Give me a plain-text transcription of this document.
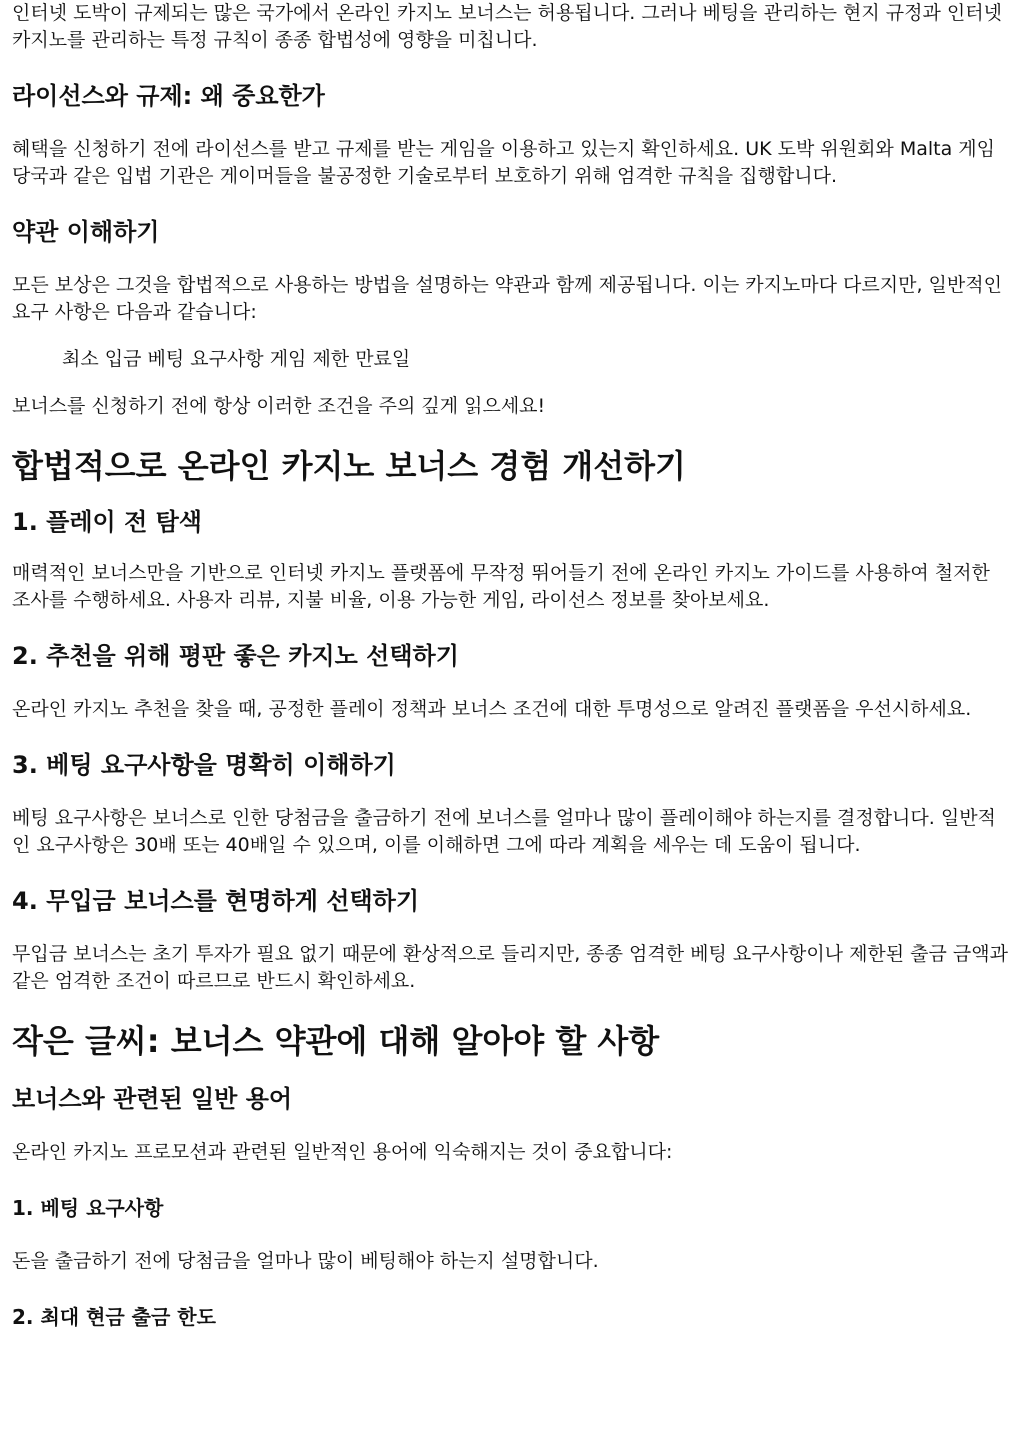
인터넷 도박이 규제되는 많은 국가에서 온라인 카지노 보너스는 허용됩니다. 그러나 베팅을 관리하는 현지 규정과 인터넷 카지노를 관리하는 특정 규칙이 종종 합법성에 영향을 미칩니다.

라이선스와 규제: 왜 중요한가

혜택을 신청하기 전에 라이선스를 받고 규제를 받는 게임을 이용하고 있는지 확인하세요. UK 도박 위원회와 Malta 게임 당국과 같은 입법 기관은 게이머들을 불공정한 기술로부터 보호하기 위해 엄격한 규칙을 집행합니다.

약관 이해하기

모든 보상은 그것을 합법적으로 사용하는 방법을 설명하는 약관과 함께 제공됩니다. 이는 카지노마다 다르지만, 일반적인 요구 사항은 다음과 같습니다:

최소 입금 베팅 요구사항 게임 제한 만료일

보너스를 신청하기 전에 항상 이러한 조건을 주의 깊게 읽으세요!

합법적으로 온라인 카지노 보너스 경험 개선하기
1. 플레이 전 탐색

매력적인 보너스만을 기반으로 인터넷 카지노 플랫폼에 무작정 뛰어들기 전에 온라인 카지노 가이드를 사용하여 철저한 조사를 수행하세요. 사용자 리뷰, 지불 비율, 이용 가능한 게임, 라이선스 정보를 찾아보세요.

2. 추천을 위해 평판 좋은 카지노 선택하기

온라인 카지노 추천을 찾을 때, 공정한 플레이 정책과 보너스 조건에 대한 투명성으로 알려진 플랫폼을 우선시하세요.

3. 베팅 요구사항을 명확히 이해하기

베팅 요구사항은 보너스로 인한 당첨금을 출금하기 전에 보너스를 얼마나 많이 플레이해야 하는지를 결정합니다. 일반적인 요구사항은 30배 또는 40배일 수 있으며, 이를 이해하면 그에 따라 계획을 세우는 데 도움이 됩니다.

4. 무입금 보너스를 현명하게 선택하기

무입금 보너스는 초기 투자가 필요 없기 때문에 환상적으로 들리지만, 종종 엄격한 베팅 요구사항이나 제한된 출금 금액과 같은 엄격한 조건이 따르므로 반드시 확인하세요.

작은 글씨: 보너스 약관에 대해 알아야 할 사항
보너스와 관련된 일반 용어

온라인 카지노 프로모션과 관련된 일반적인 용어에 익숙해지는 것이 중요합니다:

1. 베팅 요구사항

돈을 출금하기 전에 당첨금을 얼마나 많이 베팅해야 하는지 설명합니다.

2. 최대 현금 출금 한도
